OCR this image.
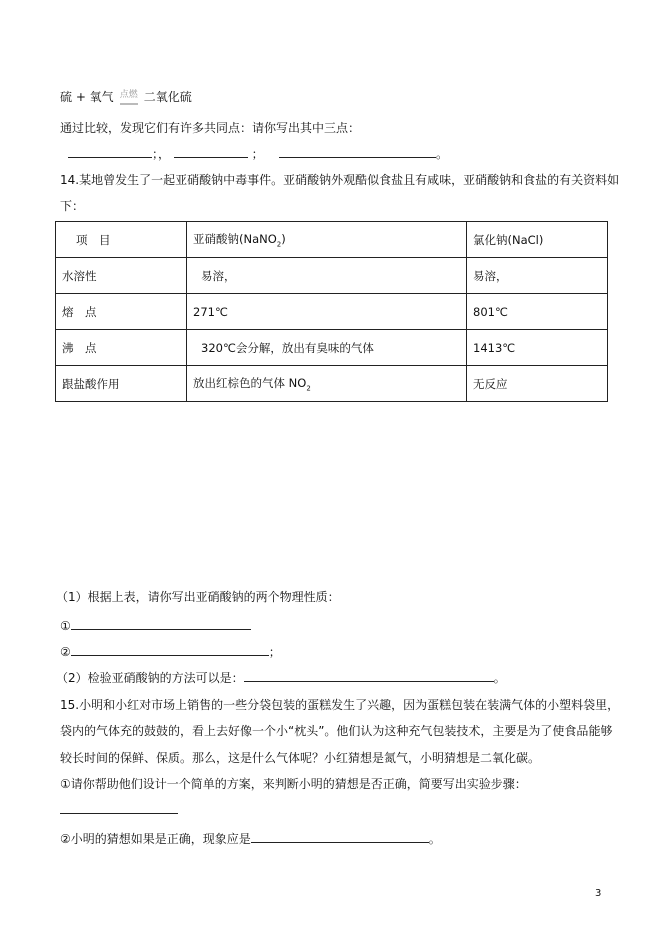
硫 + 氧气 点燃 二氧化硫
通过比较，发现它们有许多共同点：请你写出其中三点：
；，	；	。
14.某地曾发生了一起亚硝酸钠中毒事件。亚硝酸钠外观酷似食盐且有咸味，亚硝酸钠和食盐的有关资料如
下：
项　目	亚硝酸钠(NaNO$_2$)	氯化钠(NaCl)
水溶性	易溶，	易溶，
熔　点	271℃	801℃
沸　点	320℃会分解，放出有臭味的气体	1413℃
跟盐酸作用	放出红棕色的气体 $NO_2$	无反应
（1）根据上表，请你写出亚硝酸钠的两个物理性质：
①
②	；
（2）检验亚硝酸钠的方法可以是：	。
15.小明和小红对市场上销售的一些分袋包装的蛋糕发生了兴趣，因为蛋糕包装在装满气体的小塑料袋里，
袋内的气体充的鼓鼓的，看上去好像一个小“枕头”。他们认为这种充气包装技术，主要是为了使食品能够
较长时间的保鲜、保质。那么，这是什么气体呢？小红猜想是氮气，小明猜想是二氧化碳。
①请你帮助他们设计一个简单的方案，来判断小明的猜想是否正确，简要写出实验步骤：
②小明的猜想如果是正确，现象应是	。
3
